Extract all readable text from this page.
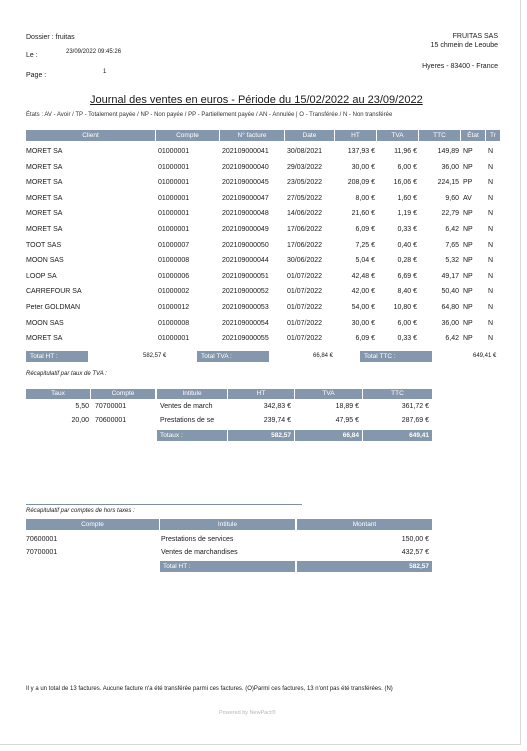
Dossier : fruitas
Le :	23/09/2022 09:45:26
Page :	1
FRUITAS SAS
15 chmein de Leoube
Hyeres - 83400 - France
Journal des ventes en euros - Période du 15/02/2022 au 23/09/2022
États : AV - Avoir / TP - Totalement payée / NP - Non payée / PP - Partiellement payée / AN - Annulée | O - Transférée / N - Non transférée
Client	Compte	N° facture	Date	HT	TVA	TTC	État	Tr
MORET SA	01000001	202109000041	30/08/2021	137,93 €	11,96 €	149,89 NP N
MORET SA	01000001	202109000040	29/03/2022	30,00 €	6,00 €	36,00 NP N
MORET SA	01000001	202109000045	23/05/2022	208,09 €	16,06 €	224,15 PP N
MORET SA	01000001	202109000047	27/05/2022	8,00 €	1,60 €	9,60 AV N
MORET SA	01000001	202109000048	14/06/2022	21,60 €	1,19 €	22,79 NP N
MORET SA	01000001	202109000049	17/06/2022	6,09 €	0,33 €	6,42 NP N
TOOT SAS	01000007	202109000050	17/06/2022	7,25 €	0,40 €	7,65 NP N
MOON SAS	01000008	202109000044	30/06/2022	5,04 €	0,28 €	5,32 NP N
LOOP SA	01000006	202109000051	01/07/2022	42,48 €	6,69 €	49,17 NP N
CARREFOUR SA	01000002	202109000052	01/07/2022	42,00 €	8,40 €	50,40 NP N
Peter GOLDMAN	01000012	202109000053	01/07/2022	54,00 €	10,80 €	64,80 NP N
MOON SAS	01000008	202109000054	01/07/2022	30,00 €	6,00 €	36,00 NP N
MORET SA	01000001	202109000055	01/07/2022	6,09 €	0,33 €	6,42 NP N
Total HT :	582,57 €	Total TVA :	66,84 €	Total TTC :	649,41 €
Récapitulatif par taux de TVA :
Taux	Compte	Intitule	HT	TVA	TTC
5,50 70700001	Ventes de march	342,83 €	18,89 €	361,72 €
20,00 70600001	Prestations de se	239,74 €	47,95 €	287,69 €
Totaux :	582,57	66,84	649,41
Récapitulatif par comptes de hors taxes :
Compte	Intitule	Montant
70600001	Prestations de services	150,00 €
70700001	Ventes de marchandises	432,57 €
Total HT :	582,57
Il y a un total de 13 factures. Aucune facture n'a été transférée parmi ces factures. (O)Parmi ces factures, 13 n'ont pas été transférées. (N)
Powered by NewPact®
